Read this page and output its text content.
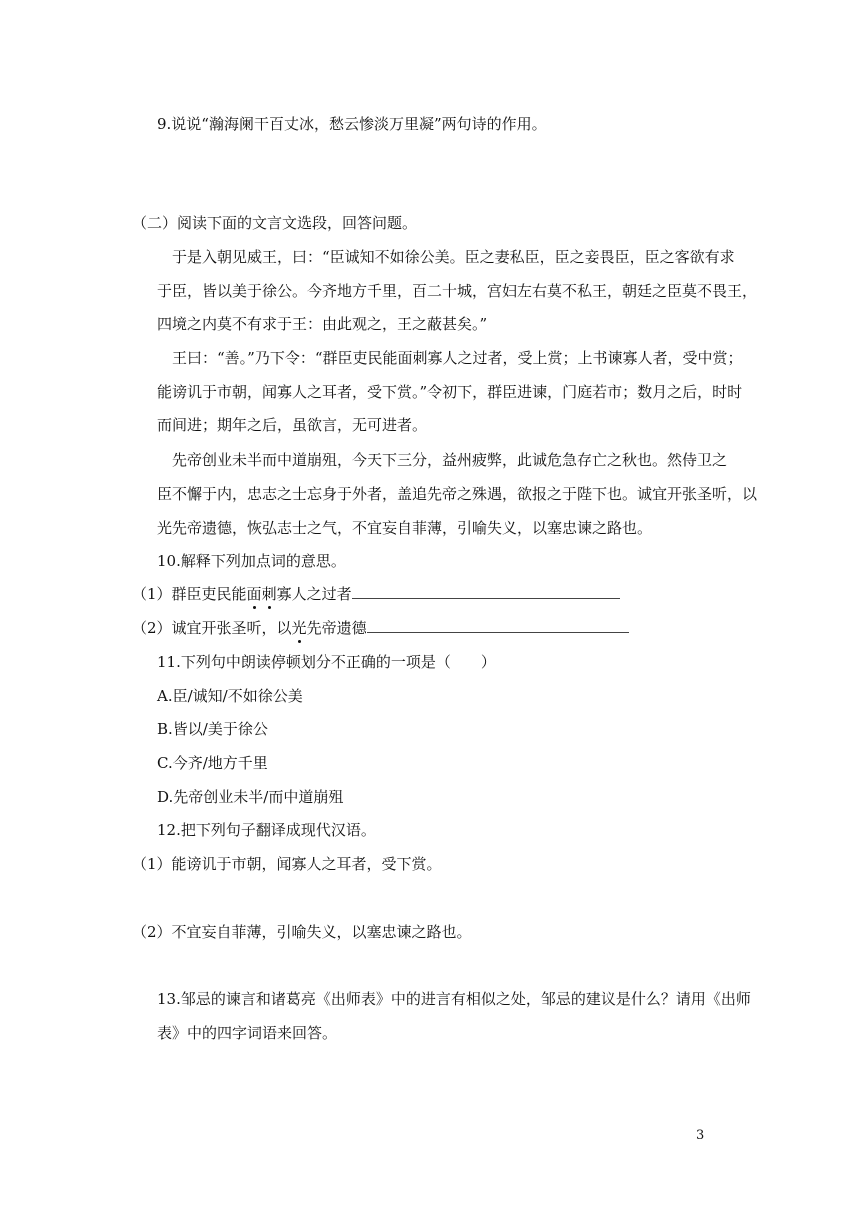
9.说说“瀚海阑干百丈冰，愁云惨淡万里凝”两句诗的作用。
（二）阅读下面的文言文选段，回答问题。
于是入朝见威王，曰：“臣诚知不如徐公美。臣之妻私臣，臣之妾畏臣，臣之客欲有求
于臣，皆以美于徐公。今齐地方千里，百二十城，宫妇左右莫不私王，朝廷之臣莫不畏王，
四境之内莫不有求于王：由此观之，王之蔽甚矣。”
王曰：“善。”乃下令：“群臣吏民能面刺寡人之过者，受上赏；上书谏寡人者，受中赏；
能谤讥于市朝，闻寡人之耳者，受下赏。”令初下，群臣进谏，门庭若市；数月之后，时时
而间进；期年之后，虽欲言，无可进者。
先帝创业未半而中道崩殂，今天下三分，益州疲弊，此诚危急存亡之秋也。然侍卫之
臣不懈于内，忠志之士忘身于外者，盖追先帝之殊遇，欲报之于陛下也。诚宜开张圣听，以
光先帝遗德，恢弘志士之气，不宜妄自菲薄，引喻失义，以塞忠谏之路也。
10.解释下列加点词的意思。
（1）群臣吏民能面刺寡人之过者
（2）诚宜开张圣听，以光先帝遗德
11.下列句中朗读停顿划分不正确的一项是（　　）
A.臣/诚知/不如徐公美
B.皆以/美于徐公
C.今齐/地方千里
D.先帝创业未半/而中道崩殂
12.把下列句子翻译成现代汉语。
（1）能谤讥于市朝，闻寡人之耳者，受下赏。
（2）不宜妄自菲薄，引喻失义，以塞忠谏之路也。
13.邹忌的谏言和诸葛亮《出师表》中的进言有相似之处，邹忌的建议是什么？请用《出师
表》中的四字词语来回答。
3
